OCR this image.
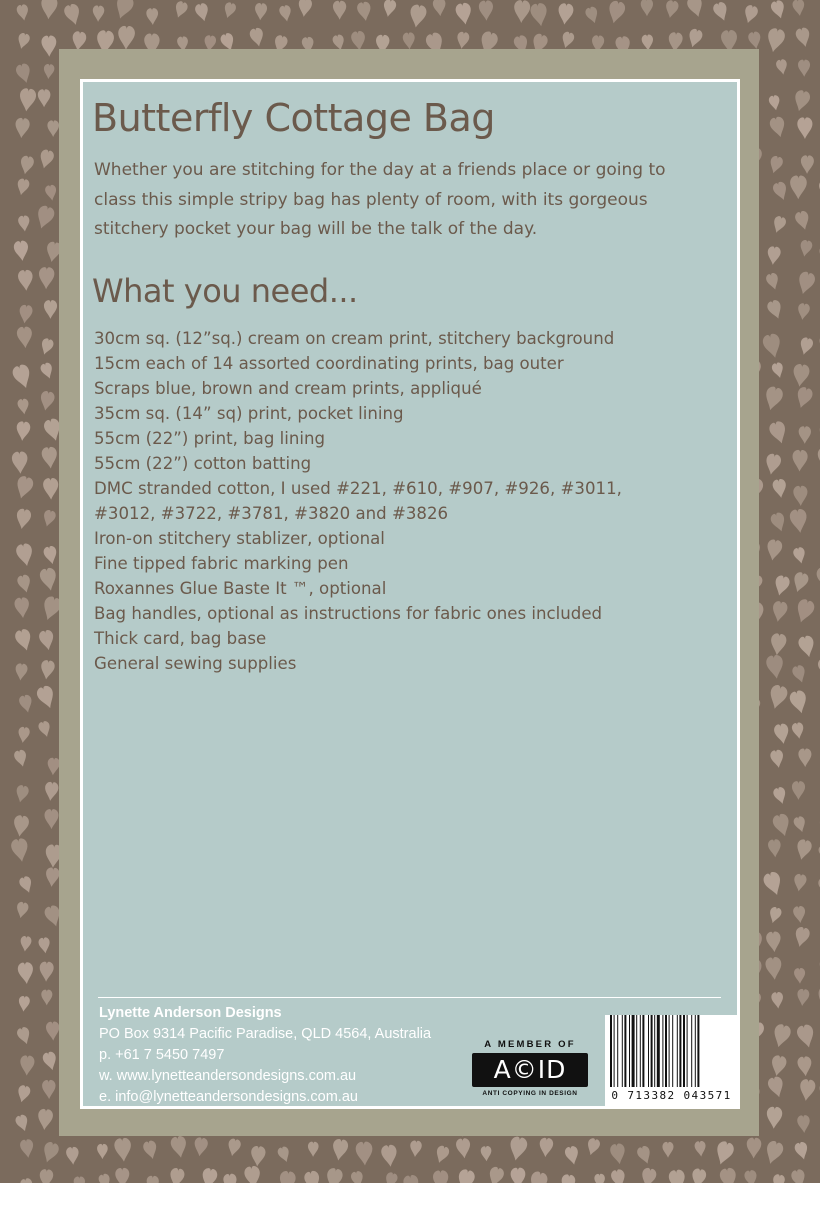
Butterfly Cottage Bag

Whether you are stitching for the day at a friends place or going to class this simple stripy bag has plenty of room, with its gorgeous stitchery pocket your bag will be the talk of the day.

What you need...
30cm sq. (12”sq.) cream on cream print, stitchery background
15cm each of 14 assorted coordinating prints, bag outer
Scraps blue, brown and cream prints, appliqué
35cm sq. (14” sq) print, pocket lining
55cm (22”) print, bag lining
55cm (22”) cotton batting
DMC stranded cotton, I used #221, #610, #907, #926, #3011,
#3012, #3722, #3781, #3820 and #3826
Iron-on stitchery stablizer, optional
Fine tipped fabric marking pen
Roxannes Glue Baste It ™, optional
Bag handles, optional as instructions for fabric ones included
Thick card, bag base
General sewing supplies
Lynette Anderson Designs
PO Box 9314 Pacific Paradise, QLD 4564, Australia
p. +61 7 5450 7497
w. www.lynetteandersondesigns.com.au
e. info@lynetteandersondesigns.com.au
A MEMBER OF
A©ID
ANTI COPYING IN DESIGN	0 713382 043571
